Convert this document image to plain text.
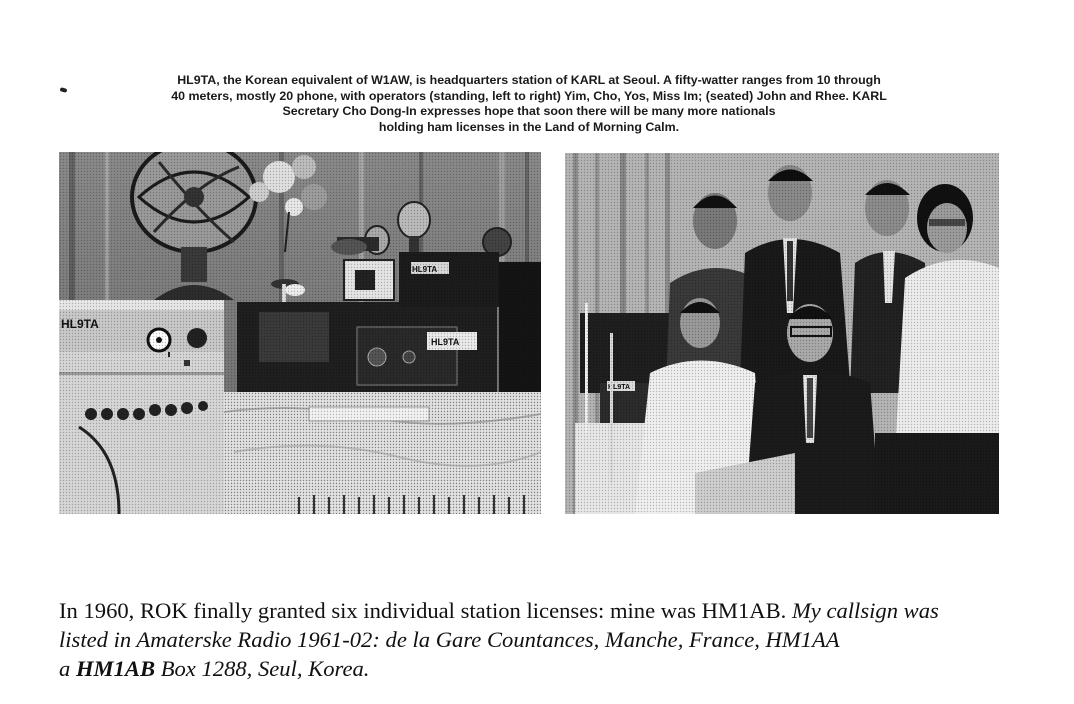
HL9TA, the Korean equivalent of W1AW, is headquarters station of KARL at Seoul. A fifty-watter ranges from 10 through
40 meters, mostly 20 phone, with operators (standing, left to right) Yim, Cho, Yos, Miss Im; (seated) John and Rhee. KARL
Secretary Cho Dong-In expresses hope that soon there will be many more nationals
holding ham licenses in the Land of Morning Calm.
In 1960, ROK finally granted six individual station licenses: mine was HM1AB. My callsign was
listed in Amaterske Radio 1961-02: de la Gare Countances, Manche, France, HM1AA
a HM1AB Box 1288, Seul, Korea.
